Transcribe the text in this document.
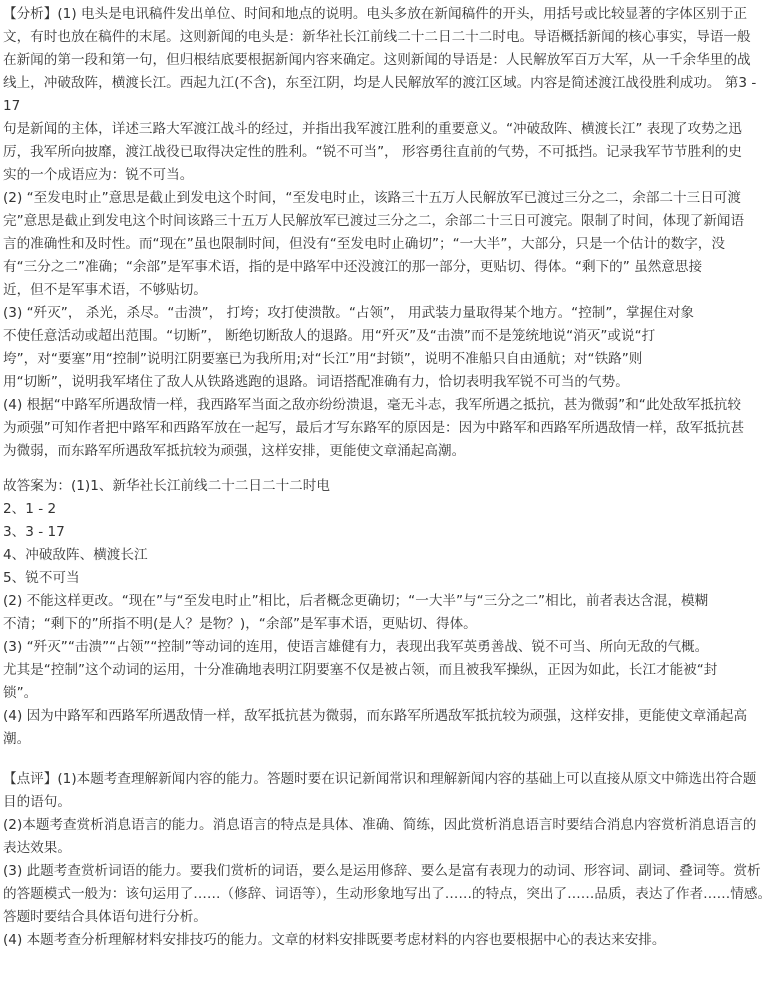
【分析】(1) 电头是电讯稿件发出单位、时间和地点的说明。电头多放在新闻稿件的开头，用括号或比较显著的字体区别于正
文，有时也放在稿件的末尾。这则新闻的电头是：新华社长江前线二十二日二十二时电。导语概括新闻的核心事实，导语一般
在新闻的第一段和第一句，但归根结底要根据新闻内容来确定。这则新闻的导语是：人民解放军百万大军，从一千余华里的战
线上，冲破敌阵，横渡长江。西起九江(不含)，东至江阴，均是人民解放军的渡江区域。内容是简述渡江战役胜利成功。 第3 -
17
句是新闻的主体，详述三路大军渡江战斗的经过，并指出我军渡江胜利的重要意义。“冲破敌阵、横渡长江” 表现了攻势之迅
厉，我军所向披靡，渡江战役已取得决定性的胜利。“锐不可当”， 形容勇往直前的气势，不可抵挡。记录我军节节胜利的史
实的一个成语应为：锐不可当。
(2) “至发电时止”意思是截止到发电这个时间，“至发电时止，该路三十五万人民解放军已渡过三分之二，余部二十三日可渡
完”意思是截止到发电这个时间该路三十五万人民解放军已渡过三分之二，余部二十三日可渡完。限制了时间，体现了新闻语
言的准确性和及时性。而“现在”虽也限制时间，但没有“至发电时止确切”；“一大半”，大部分，只是一个估计的数字，没
有“三分之二”准确；“余部”是军事术语，指的是中路军中还没渡江的那一部分，更贴切、得体。“剩下的” 虽然意思接
近，但不是军事术语，不够贴切。
(3) “歼灭”， 杀光，杀尽。“击溃”， 打垮；攻打使溃散。“占领”， 用武装力量取得某个地方。“控制”，掌握住对象
不使任意活动或超出范围。“切断”， 断绝切断敌人的退路。用“歼灭”及“击溃”而不是笼统地说“消灭”或说“打
垮”，对“要塞”用“控制”说明江阴要塞已为我所用;对“长江”用“封锁”，说明不准船只自由通航；对“铁路”则
用“切断”，说明我军堵住了敌人从铁路逃跑的退路。词语搭配准确有力，恰切表明我军锐不可当的气势。
(4) 根据“中路军所遇敌情一样，我西路军当面之敌亦纷纷溃退，毫无斗志，我军所遇之抵抗，甚为微弱”和“此处敌军抵抗较
为顽强”可知作者把中路军和西路军放在一起写，最后才写东路军的原因是：因为中路军和西路军所遇敌情一样，敌军抵抗甚
为微弱，而东路军所遇敌军抵抗较为顽强，这样安排，更能使文章涌起高潮。
故答案为：(1)1、新华社长江前线二十二日二十二时电
2、1 - 2
3、3 - 17
4、冲破敌阵、横渡长江
5、锐不可当
(2) 不能这样更改。“现在”与“至发电时止”相比，后者概念更确切；“一大半”与“三分之二”相比，前者表达含混，模糊
不清；“剩下的”所指不明(是人？是物？)，“余部”是军事术语，更贴切、得体。
(3) “歼灭”“击溃”“占领”“控制”等动词的连用，使语言雄健有力，表现出我军英勇善战、锐不可当、所向无敌的气概。
尤其是“控制”这个动词的运用，十分准确地表明江阴要塞不仅是被占领，而且被我军操纵，正因为如此，长江才能被“封
锁”。
(4) 因为中路军和西路军所遇敌情一样，敌军抵抗甚为微弱，而东路军所遇敌军抵抗较为顽强，这样安排，更能使文章涌起高
潮。
【点评】(1)本题考查理解新闻内容的能力。答题时要在识记新闻常识和理解新闻内容的基础上可以直接从原文中筛选出符合题
目的语句。
(2)本题考查赏析消息语言的能力。消息语言的特点是具体、准确、简练，因此赏析消息语言时要结合消息内容赏析消息语言的
表达效果。
(3) 此题考查赏析词语的能力。要我们赏析的词语，要么是运用修辞、要么是富有表现力的动词、形容词、副词、叠词等。赏析
的答题模式一般为：该句运用了……（修辞、词语等），生动形象地写出了……的特点，突出了……品质，表达了作者……情感。
答题时要结合具体语句进行分析。
(4) 本题考查分析理解材料安排技巧的能力。文章的材料安排既要考虑材料的内容也要根据中心的表达来安排。
